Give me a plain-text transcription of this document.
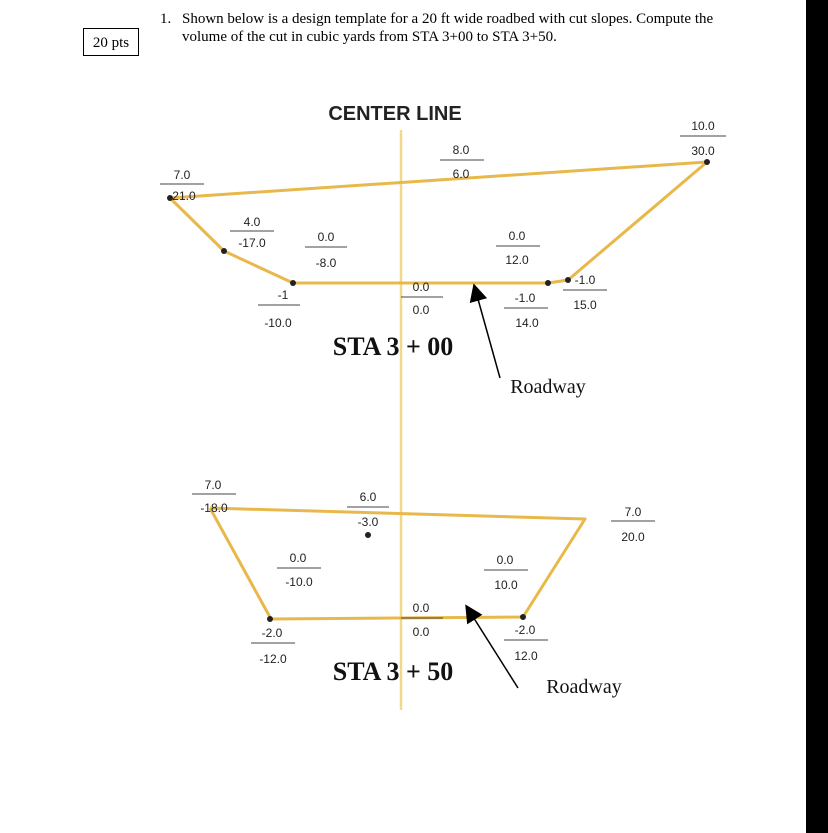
20 pts
1. Shown below is a design template for a 20 ft wide roadbed with cut slopes. Compute the volume of the cut in cubic yards from STA 3+00 to STA 3+50.
CENTER LINE
7.0
-21.0
4.0
-17.0	0.0
-8.0
-1
-10.0
0.0
0.0
8.0
6.0
0.0
12.0
-1.0
14.0
-1.0
15.0
10.0
30.0
STA 3 + 00
Roadway
7.0
-18.0
6.0
-3.0
0.0
-10.0
-2.0
-12.0
0.0
0.0
0.0
10.0
-2.0
12.0
7.0
20.0
STA 3 + 50
Roadway
